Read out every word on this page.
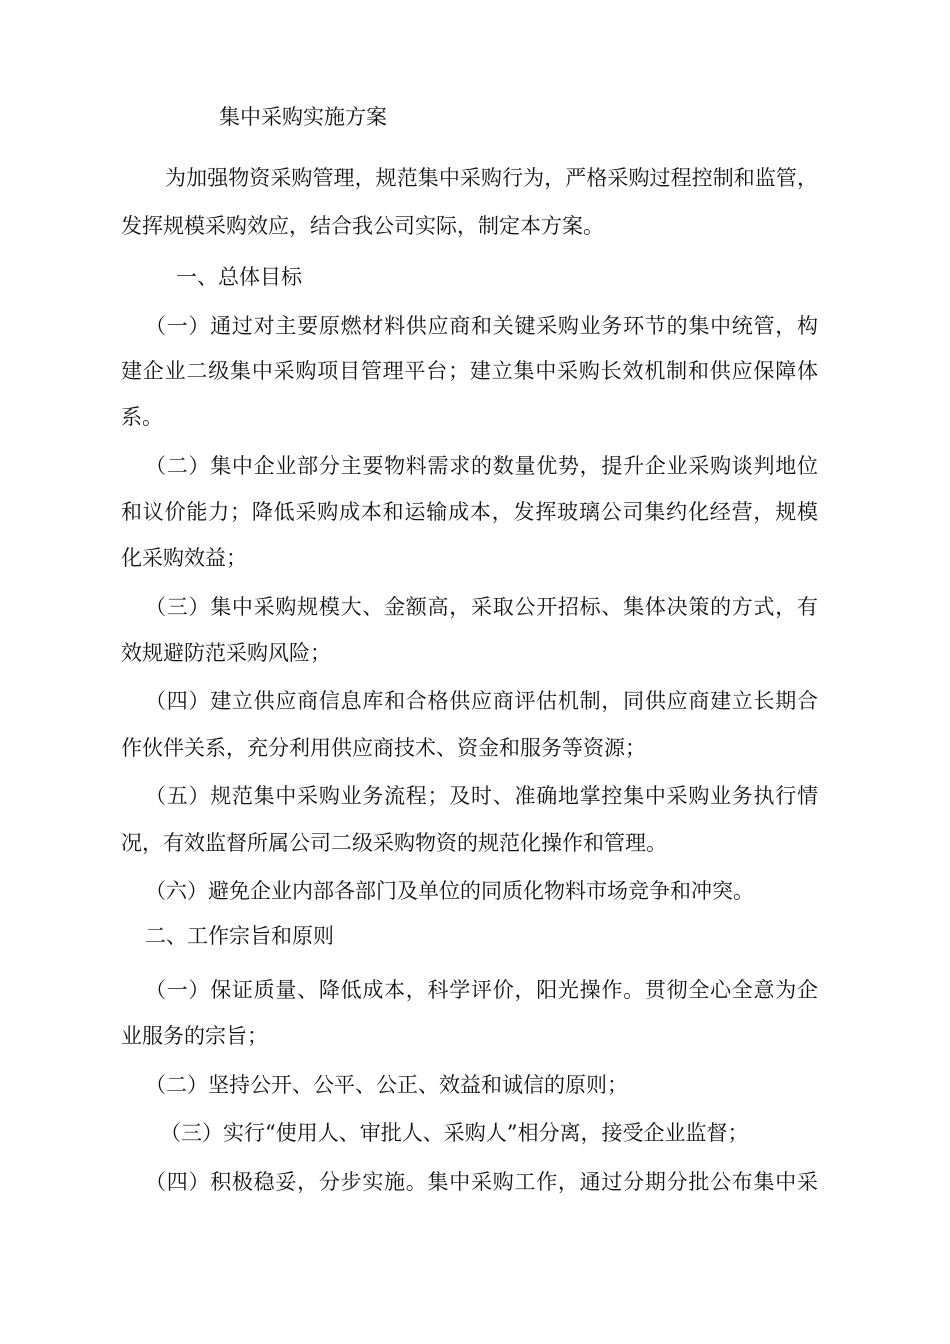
集中采购实施方案
为加强物资采购管理，规范集中采购行为，严格采购过程控制和监管，
发挥规模采购效应，结合我公司实际，制定本方案。
一、总体目标
（一）通过对主要原燃材料供应商和关键采购业务环节的集中统管，构
建企业二级集中采购项目管理平台；建立集中采购长效机制和供应保障体
系。
（二）集中企业部分主要物料需求的数量优势，提升企业采购谈判地位
和议价能力；降低采购成本和运输成本，发挥玻璃公司集约化经营，规模
化采购效益；
（三）集中采购规模大、金额高，采取公开招标、集体决策的方式，有
效规避防范采购风险；
（四）建立供应商信息库和合格供应商评估机制，同供应商建立长期合
作伙伴关系，充分利用供应商技术、资金和服务等资源；
（五）规范集中采购业务流程；及时、准确地掌控集中采购业务执行情
况，有效监督所属公司二级采购物资的规范化操作和管理。
（六）避免企业内部各部门及单位的同质化物料市场竞争和冲突。
二、工作宗旨和原则
（一）保证质量、降低成本，科学评价，阳光操作。贯彻全心全意为企
业服务的宗旨；
（二）坚持公开、公平、公正、效益和诚信的原则；
（三）实行“使用人、审批人、采购人”相分离，接受企业监督；
（四）积极稳妥，分步实施。集中采购工作，通过分期分批公布集中采
